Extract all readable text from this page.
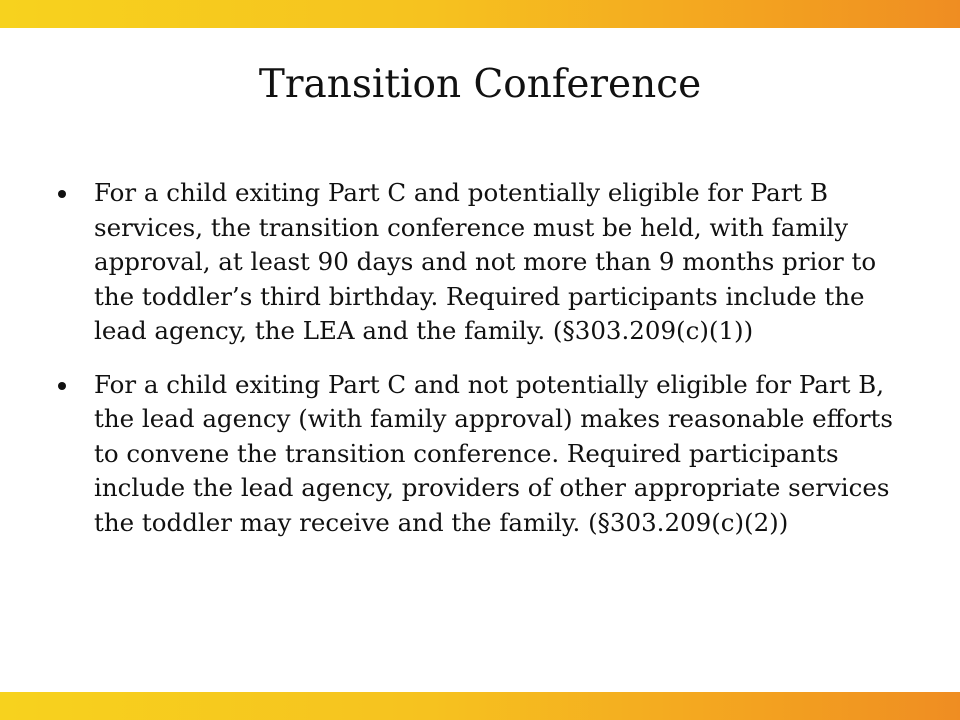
Transition Conference
For a child exiting Part C and potentially eligible for Part B services, the transition conference must be held, with family approval, at least 90 days and not more than 9 months prior to the toddler’s third birthday. Required participants include the lead agency, the LEA and the family. (§303.209(c)(1))
For a child exiting Part C and not potentially eligible for Part B, the lead agency (with family approval) makes reasonable efforts to convene the transition conference. Required participants include the lead agency, providers of other appropriate services the toddler may receive and the family. (§303.209(c)(2))
